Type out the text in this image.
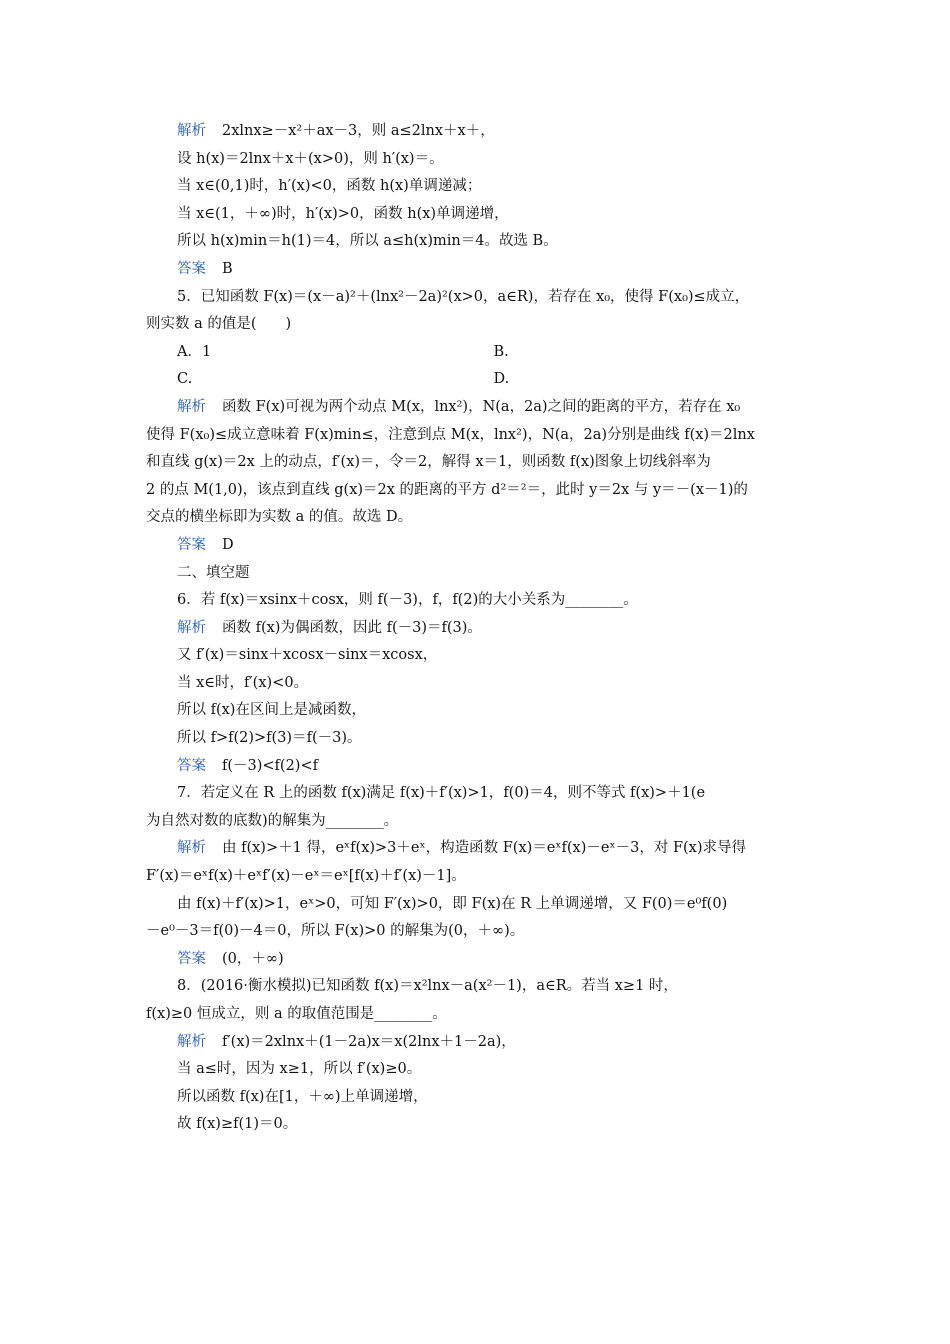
解析 2xlnx≥－x²＋ax－3，则 a≤2lnx＋x＋，
设 h(x)＝2lnx＋x＋(x>0)，则 h′(x)＝。
当 x∈(0,1)时，h′(x)<0，函数 h(x)单调递减；
当 x∈(1，＋∞)时，h′(x)>0，函数 h(x)单调递增，
所以 h(x)min＝h(1)＝4，所以 a≤h(x)min＝4。故选 B。
答案 B
5．已知函数 F(x)＝(x－a)²＋(lnx²－2a)²(x>0，a∈R)，若存在 x₀，使得 F(x₀)≤成立，
则实数 a 的值是(　　)
A．1	B.
C.	D.
解析 函数 F(x)可视为两个动点 M(x，lnx²)，N(a，2a)之间的距离的平方，若存在 x₀
使得 F(x₀)≤成立意味着 F(x)min≤，注意到点 M(x，lnx²)，N(a，2a)分别是曲线 f(x)＝2lnx
和直线 g(x)＝2x 上的动点，f′(x)＝，令＝2，解得 x＝1，则函数 f(x)图象上切线斜率为
2 的点 M(1,0)，该点到直线 g(x)＝2x 的距离的平方 d²＝²＝，此时 y＝2x 与 y＝－(x－1)的
交点的横坐标即为实数 a 的值。故选 D。
答案 D
二、填空题
6．若 f(x)＝xsinx＋cosx，则 f(－3)，f，f(2)的大小关系为________。
解析 函数 f(x)为偶函数，因此 f(－3)＝f(3)。
又 f′(x)＝sinx＋xcosx－sinx＝xcosx，
当 x∈时，f′(x)<0。
所以 f(x)在区间上是减函数，
所以 f>f(2)>f(3)＝f(－3)。
答案 f(－3)<f(2)<f
7．若定义在 R 上的函数 f(x)满足 f(x)＋f′(x)>1，f(0)＝4，则不等式 f(x)>＋1(e
为自然对数的底数)的解集为________。
解析 由 f(x)>＋1 得，eˣf(x)>3＋eˣ，构造函数 F(x)＝eˣf(x)－eˣ－3，对 F(x)求导得
F′(x)＝eˣf(x)＋eˣf′(x)－eˣ＝eˣ[f(x)＋f′(x)－1]。
由 f(x)＋f′(x)>1，eˣ>0，可知 F′(x)>0，即 F(x)在 R 上单调递增，又 F(0)＝e⁰f(0)
－e⁰－3＝f(0)－4＝0，所以 F(x)>0 的解集为(0，＋∞)。
答案 (0，＋∞)
8．(2016·衡水模拟)已知函数 f(x)＝x²lnx－a(x²－1)，a∈R。若当 x≥1 时，
f(x)≥0 恒成立，则 a 的取值范围是________。
解析 f′(x)＝2xlnx＋(1－2a)x＝x(2lnx＋1－2a)，
当 a≤时，因为 x≥1，所以 f′(x)≥0。
所以函数 f(x)在[1，＋∞)上单调递增，
故 f(x)≥f(1)＝0。
